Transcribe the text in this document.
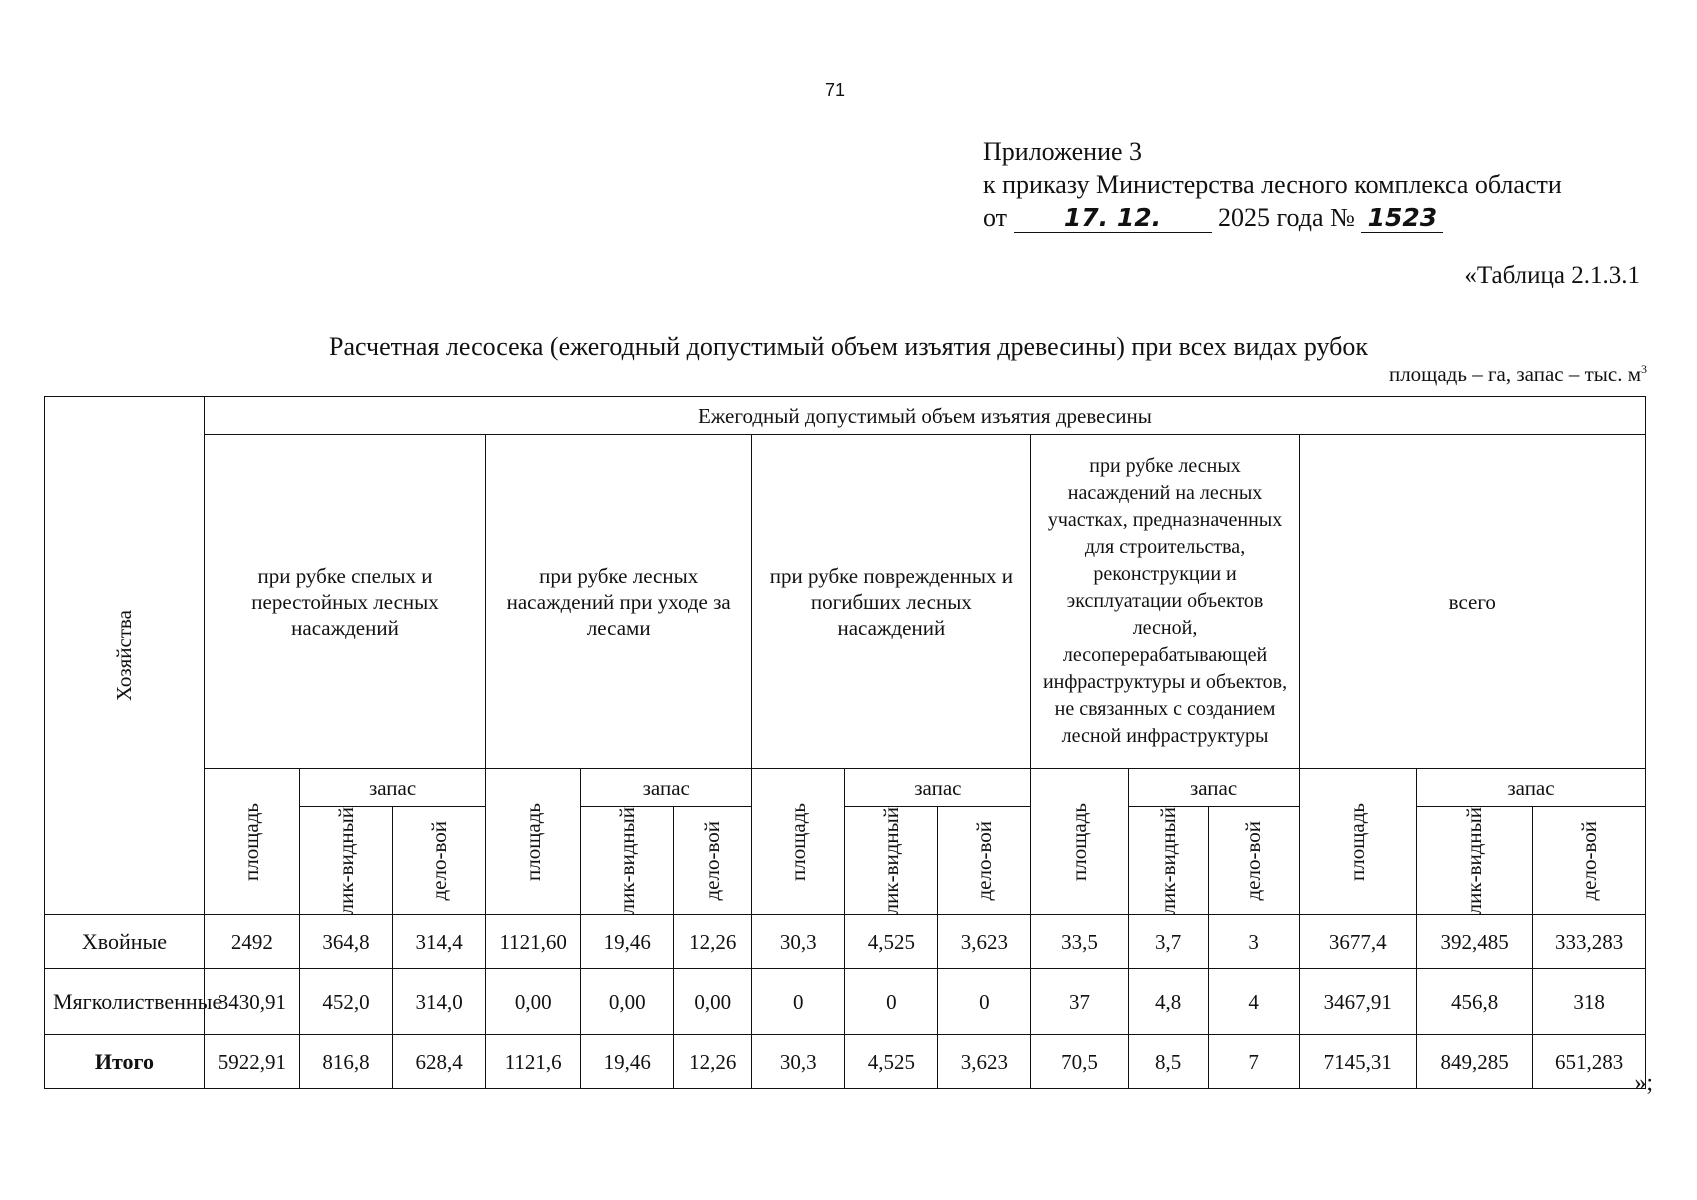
71
Приложение 3
к приказу Министерства лесного комплекса области
от 17. 12. 2025 года № 1523
«Таблица 2.1.3.1
Расчетная лесосека (ежегодный допустимый объем изъятия древесины) при всех видах рубок
площадь – га, запас – тыс. $м^3$
Хозяйства	Ежегодный допустимый объем изъятия древесины														
	при рубке спелых и перестойных лесных насаждений			при рубке лесных насаждений при уходе за лесами			при рубке поврежденных и погибших лесных насаждений			при рубке лесных насаждений на лесных участках, предназначенных для строительства, реконструкции и эксплуатации объектов лесной, лесоперерабатывающей инфраструктуры и объектов, не связанных с созданием лесной инфраструктуры			всего		

	площадь	запас		площадь	запас		площадь	запас		площадь	запас		площадь	запас	

		лик-видный	дело-вой		лик-видный	дело-вой		лик-видный	дело-вой		лик-видный	дело-вой		лик-видный	дело-вой

Хвойные	2492	364,8	314,4	1121,60	19,46	12,26	30,3	4,525	3,623	33,5	3,7	3	3677,4	392,485	333,283
Мягколиственные	3430,91	452,0	314,0	0,00	0,00	0,00	0	0	0	37	4,8	4	3467,91	456,8	318
Итого	5922,91	816,8	628,4	1121,6	19,46	12,26	30,3	4,525	3,623	70,5	8,5	7	7145,31	849,285	651,283
»;
